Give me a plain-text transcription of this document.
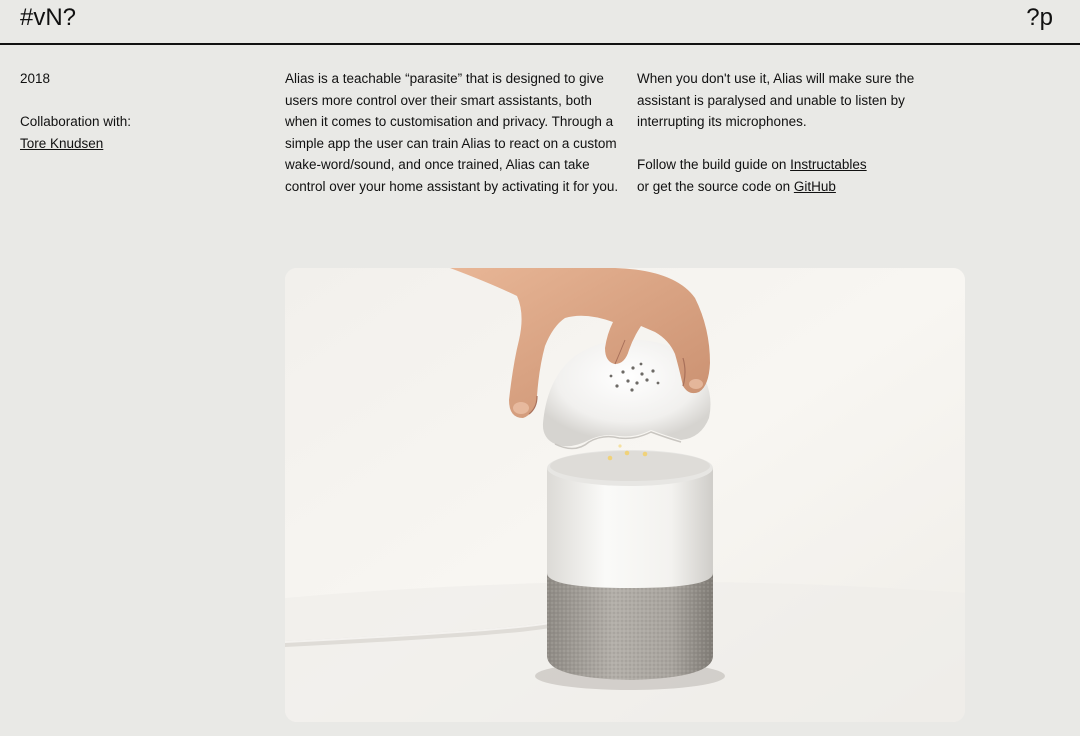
#vN?	?p

2018

Collaboration with:

Tore Knudsen

Alias is a teachable “parasite” that is designed to give users more control over their smart assistants, both when it comes to customisation and privacy. Through a simple app the user can train Alias to react on a custom wake-word/sound, and once trained, Alias can take control over your home assistant by activating it for you.

When you don't use it, Alias will make sure the assistant is paralysed and unable to listen by interrupting its microphones.

Follow the build guide on Instructables

or get the source code on GitHub
